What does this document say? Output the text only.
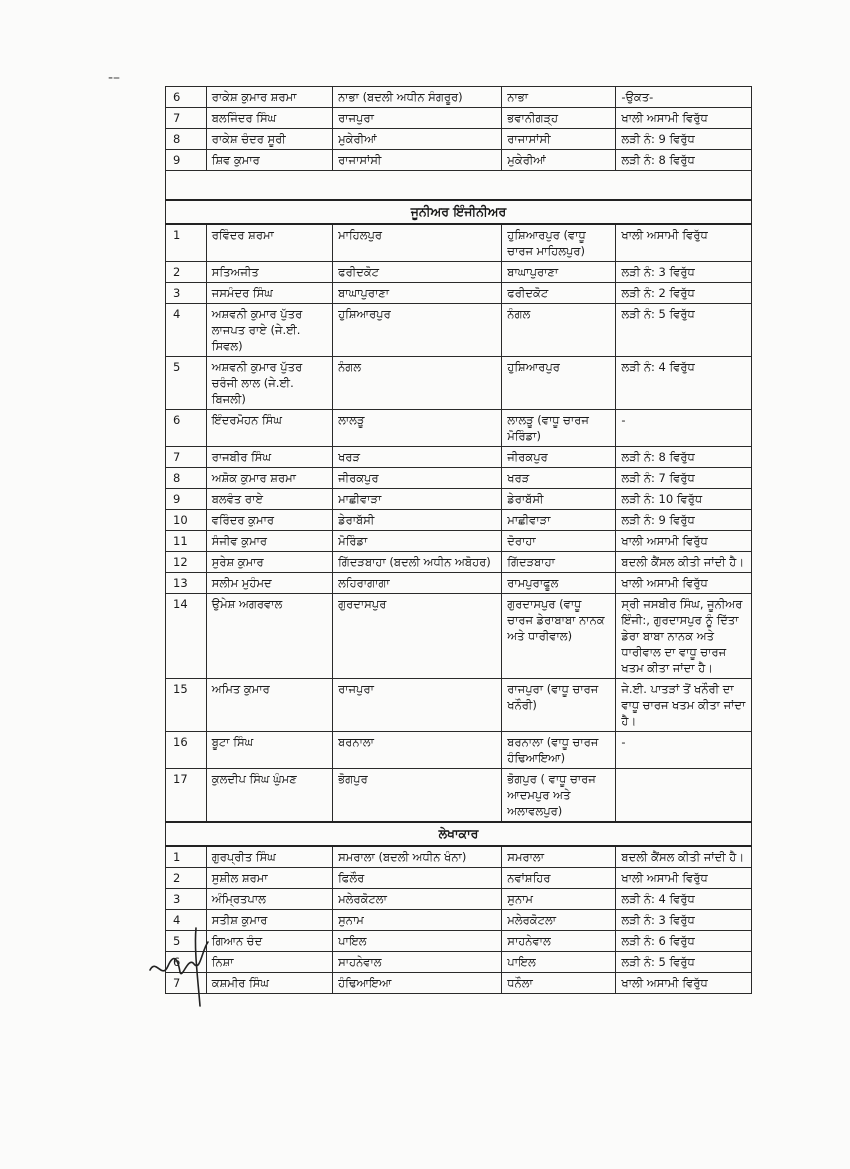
-–
6	ਰਾਕੇਸ਼ ਕੁਮਾਰ ਸ਼ਰਮਾ	ਨਾਭਾ (ਬਦਲੀ ਅਧੀਨ ਸੰਗਰੂਰ)	ਨਾਭਾ	-ਉਕਤ-
7	ਬਲਜਿੰਦਰ ਸਿੰਘ	ਰਾਜਪੁਰਾ	ਭਵਾਨੀਗੜ੍ਹ	ਖਾਲੀ ਅਸਾਮੀ ਵਿਰੁੱਧ
8	ਰਾਕੇਸ਼ ਚੰਦਰ ਸੂਰੀ	ਮੁਕੇਰੀਆਂ	ਰਾਜਾਸਾਂਸੀ	ਲੜੀ ਨੰ: 9 ਵਿਰੁੱਧ
9	ਸ਼ਿਵ ਕੁਮਾਰ	ਰਾਜਾਸਾਂਸੀ	ਮੁਕੇਰੀਆਂ	ਲੜੀ ਨੰ: 8 ਵਿਰੁੱਧ

ਜੂਨੀਅਰ ਇੰਜੀਨੀਅਰ				
1	ਰਵਿੰਦਰ ਸ਼ਰਮਾ	ਮਾਹਿਲਪੁਰ	ਹੁਸ਼ਿਆਰਪੁਰ (ਵਾਧੂ ਚਾਰਜ ਮਾਹਿਲਪੁਰ)	ਖਾਲੀ ਅਸਾਮੀ ਵਿਰੁੱਧ
2	ਸਤਿਅਜੀਤ	ਫਰੀਦਕੋਟ	ਬਾਘਾਪੁਰਾਣਾ	ਲੜੀ ਨੰ: 3 ਵਿਰੁੱਧ
3	ਜਸਮੰਦਰ ਸਿੰਘ	ਬਾਘਾਪੁਰਾਣਾ	ਫਰੀਦਕੋਟ	ਲੜੀ ਨੰ: 2 ਵਿਰੁੱਧ
4	ਅਸ਼ਵਨੀ ਕੁਮਾਰ ਪੁੱਤਰ ਲਾਜਪਤ ਰਾਏ (ਜੇ.ਈ. ਸਿਵਲ)	ਹੁਸ਼ਿਆਰਪੁਰ	ਨੰਗਲ	ਲੜੀ ਨੰ: 5 ਵਿਰੁੱਧ
5	ਅਸ਼ਵਨੀ ਕੁਮਾਰ ਪੁੱਤਰ ਚਰੰਜੀ ਲਾਲ (ਜੇ.ਈ. ਬਿਜਲੀ)	ਨੰਗਲ	ਹੁਸ਼ਿਆਰਪੁਰ	ਲੜੀ ਨੰ: 4 ਵਿਰੁੱਧ
6	ਇੰਦਰਮੋਹਨ ਸਿੰਘ	ਲਾਲੜੂ	ਲਾਲੜੂ (ਵਾਧੂ ਚਾਰਜ ਮੋਰਿੰਡਾ)	-
7	ਰਾਜਬੀਰ ਸਿੰਘ	ਖਰੜ	ਜੀਰਕਪੁਰ	ਲੜੀ ਨੰ: 8 ਵਿਰੁੱਧ
8	ਅਸ਼ੋਕ ਕੁਮਾਰ ਸ਼ਰਮਾ	ਜੀਰਕਪੁਰ	ਖਰੜ	ਲੜੀ ਨੰ: 7 ਵਿਰੁੱਧ
9	ਬਲਵੰਤ ਰਾਏ	ਮਾਛੀਵਾੜਾ	ਡੇਰਾਬੱਸੀ	ਲੜੀ ਨੰ: 10 ਵਿਰੁੱਧ
10	ਵਰਿੰਦਰ ਕੁਮਾਰ	ਡੇਰਾਬੱਸੀ	ਮਾਛੀਵਾੜਾ	ਲੜੀ ਨੰ: 9 ਵਿਰੁੱਧ
11	ਸੰਜੀਵ ਕੁਮਾਰ	ਮੋਰਿੰਡਾ	ਦੋਰਾਹਾ	ਖਾਲੀ ਅਸਾਮੀ ਵਿਰੁੱਧ
12	ਸੁਰੇਸ਼ ਕੁਮਾਰ	ਗਿੱਦੜਬਾਹਾ (ਬਦਲੀ ਅਧੀਨ ਅਬੋਹਰ)	ਗਿੱਦੜਬਾਹਾ	ਬਦਲੀ ਕੈਂਸਲ ਕੀਤੀ ਜਾਂਦੀ ਹੈ।
13	ਸਲੀਮ ਮੁਹੰਮਦ	ਲਹਿਰਾਗਾਗਾ	ਰਾਮਪੁਰਾਫੂਲ	ਖਾਲੀ ਅਸਾਮੀ ਵਿਰੁੱਧ
14	ਉਮੇਸ਼ ਅਗਰਵਾਲ	ਗੁਰਦਾਸਪੁਰ	ਗੁਰਦਾਸਪੁਰ (ਵਾਧੂ ਚਾਰਜ ਡੇਰਾਬਾਬਾ ਨਾਨਕ ਅਤੇ ਧਾਰੀਵਾਲ)	ਸ੍ਰੀ ਜਸਬੀਰ ਸਿੰਘ, ਜੂਨੀਅਰ ਇੰਜੀ:, ਗੁਰਦਾਸਪੁਰ ਨੂੰ ਦਿੱਤਾ ਡੇਰਾ ਬਾਬਾ ਨਾਨਕ ਅਤੇ ਧਾਰੀਵਾਲ ਦਾ ਵਾਧੂ ਚਾਰਜ ਖਤਮ ਕੀਤਾ ਜਾਂਦਾ ਹੈ।
15	ਅਮਿਤ ਕੁਮਾਰ	ਰਾਜਪੁਰਾ	ਰਾਜਪੁਰਾ (ਵਾਧੂ ਚਾਰਜ ਖਨੌਰੀ)	ਜੇ.ਈ. ਪਾਤੜਾਂ ਤੋਂ ਖਨੌਰੀ ਦਾ ਵਾਧੂ ਚਾਰਜ ਖਤਮ ਕੀਤਾ ਜਾਂਦਾ ਹੈ।
16	ਬੂਟਾ ਸਿੰਘ	ਬਰਨਾਲਾ	ਬਰਨਾਲਾ (ਵਾਧੂ ਚਾਰਜ ਹੰਢਿਆਇਆ)	-
17	ਕੁਲਦੀਪ ਸਿੰਘ ਘੁੰਮਣ	ਭੋਗਪੁਰ	ਭੋਗਪੁਰ ( ਵਾਧੂ ਚਾਰਜ ਆਦਮਪੁਰ ਅਤੇ ਅਲਾਵਲਪੁਰ)	
ਲੇਖਾਕਾਰ				
1	ਗੁਰਪ੍ਰੀਤ ਸਿੰਘ	ਸਮਰਾਲਾ (ਬਦਲੀ ਅਧੀਨ ਖੰਨਾ)	ਸਮਰਾਲਾ	ਬਦਲੀ ਕੈਂਸਲ ਕੀਤੀ ਜਾਂਦੀ ਹੈ।
2	ਸੁਸ਼ੀਲ ਸ਼ਰਮਾ	ਫਿਲੌਰ	ਨਵਾਂਸ਼ਹਿਰ	ਖਾਲੀ ਅਸਾਮੀ ਵਿਰੁੱਧ
3	ਅੰਮ੍ਰਿਤਪਾਲ	ਮਲੇਰਕੋਟਲਾ	ਸੁਨਾਮ	ਲੜੀ ਨੰ: 4 ਵਿਰੁੱਧ
4	ਸਤੀਸ਼ ਕੁਮਾਰ	ਸੁਨਾਮ	ਮਲੇਰਕੋਟਲਾ	ਲੜੀ ਨੰ: 3 ਵਿਰੁੱਧ
5	ਗਿਆਨ ਚੰਦ	ਪਾਇਲ	ਸਾਹਨੇਵਾਲ	ਲੜੀ ਨੰ: 6 ਵਿਰੁੱਧ
6	ਨਿਸ਼ਾ	ਸਾਹਨੇਵਾਲ	ਪਾਇਲ	ਲੜੀ ਨੰ: 5 ਵਿਰੁੱਧ
7	ਕਸ਼ਮੀਰ ਸਿੰਘ	ਹੰਢਿਆਇਆ	ਧਨੌਲਾ	ਖਾਲੀ ਅਸਾਮੀ ਵਿਰੁੱਧ
